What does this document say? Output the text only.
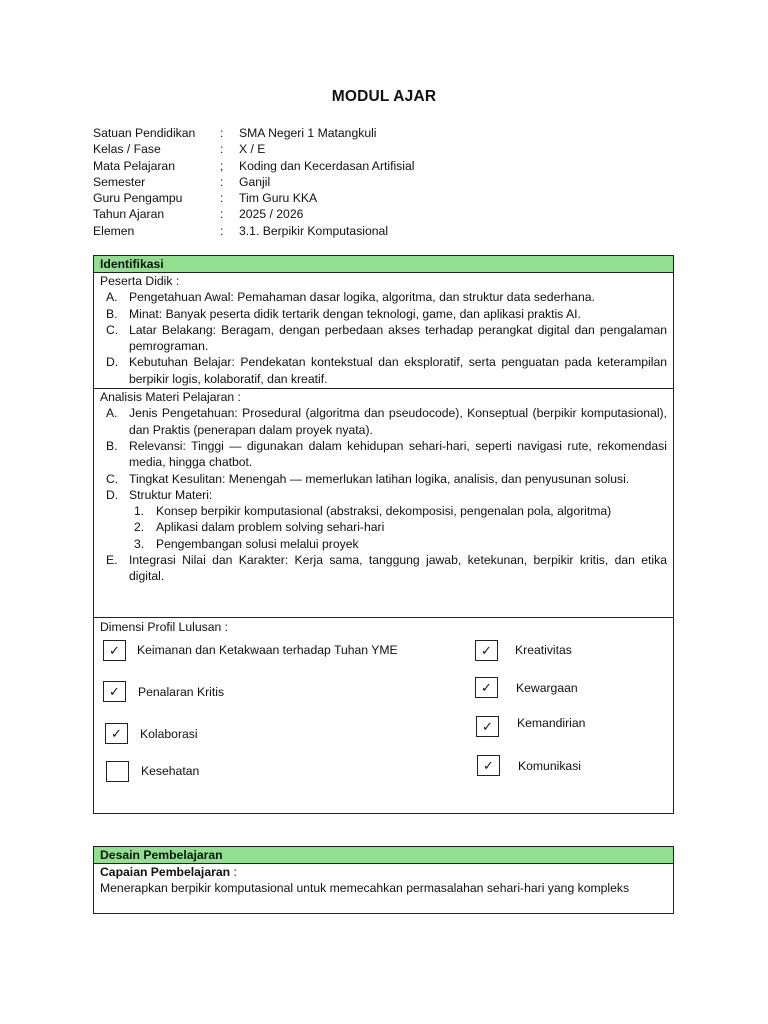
MODUL AJAR
Satuan Pendidikan : SMA Negeri 1 Matangkuli
Kelas / Fase	: X / E
Mata Pelajaran	; Koding dan Kecerdasan Artifisial
Semester	: Ganjil
Guru Pengampu	: Tim Guru KKA
Tahun Ajaran	: 2025 / 2026
Elemen	: 3.1. Berpikir Komputasional
Identifikasi
Peserta Didik :
A. Pengetahuan Awal: Pemahaman dasar logika, algoritma, dan struktur data sederhana.
B. Minat: Banyak peserta didik tertarik dengan teknologi, game, dan aplikasi praktis AI.
C. Latar Belakang: Beragam, dengan perbedaan akses terhadap perangkat digital dan pengalaman pemrograman.
D. Kebutuhan Belajar: Pendekatan kontekstual dan eksploratif, serta penguatan pada keterampilan berpikir logis, kolaboratif, dan kreatif.
Analisis Materi Pelajaran :
A. Jenis Pengetahuan: Prosedural (algoritma dan pseudocode), Konseptual (berpikir komputasional), dan Praktis (penerapan dalam proyek nyata).
B. Relevansi: Tinggi — digunakan dalam kehidupan sehari-hari, seperti navigasi rute, rekomendasi media, hingga chatbot.
C. Tingkat Kesulitan: Menengah — memerlukan latihan logika, analisis, dan penyusunan solusi.
D. Struktur Materi:
1. Konsep berpikir komputasional (abstraksi, dekomposisi, pengenalan pola, algoritma)
2. Aplikasi dalam problem solving sehari-hari
3. Pengembangan solusi melalui proyek
E. Integrasi Nilai dan Karakter: Kerja sama, tanggung jawab, ketekunan, berpikir kritis, dan etika digital.
Dimensi Profil Lulusan :
✓	Keimanan dan Ketakwaan terhadap Tuhan YME
✓	Penalaran Kritis
✓	Kolaborasi
Kesehatan
✓	Kreativitas
✓	Kewargaan
✓	Kemandirian
✓	Komunikasi
Desain Pembelajaran
Capaian Pembelajaran :
Menerapkan berpikir komputasional untuk memecahkan permasalahan sehari-hari yang kompleks
